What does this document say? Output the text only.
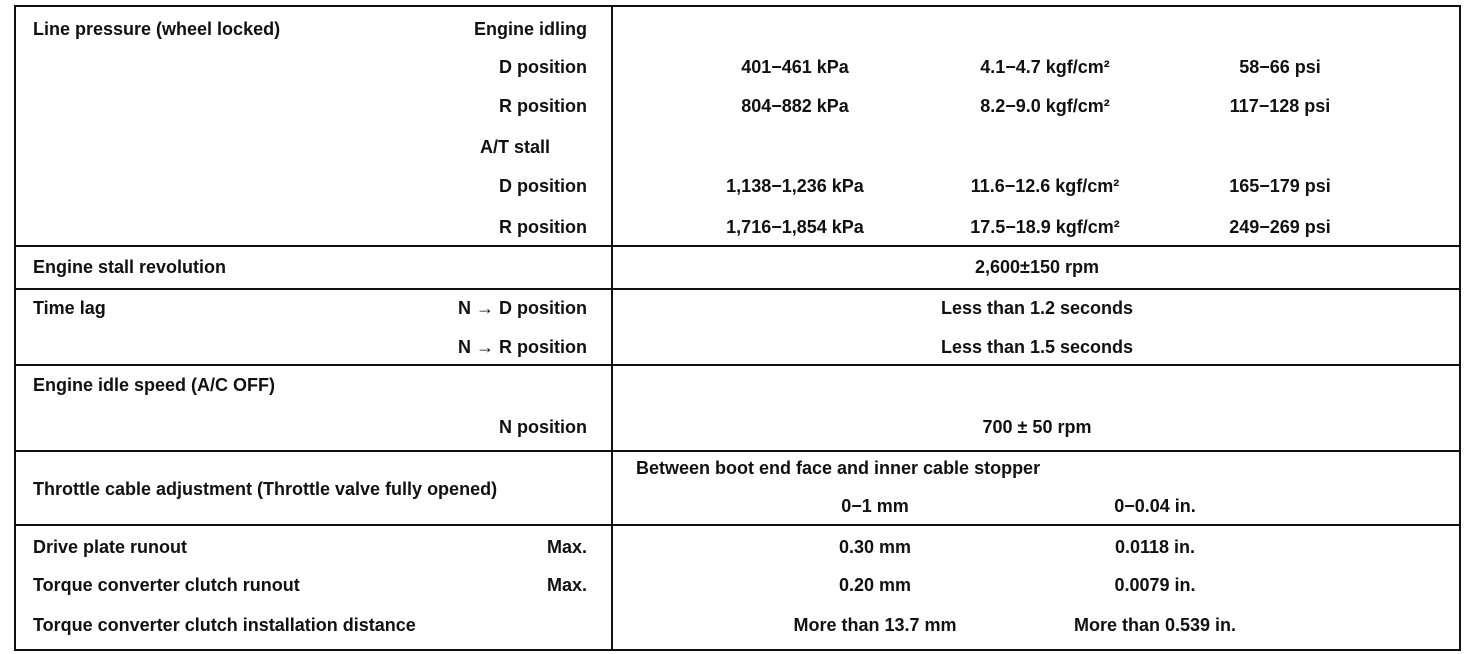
Line pressure (wheel locked)	Engine idling
D position	401−461 kPa	4.1−4.7 kgf/cm²	58−66 psi
R position	804−882 kPa	8.2−9.0 kgf/cm²	117−128 psi
A/T stall
D position	1,138−1,236 kPa	11.6−12.6 kgf/cm²	165−179 psi
R position	1,716−1,854 kPa	17.5−18.9 kgf/cm²	249−269 psi
Engine stall revolution	2,600±150 rpm
Time lag	N → D position	Less than 1.2 seconds
N → R position	Less than 1.5 seconds
Engine idle speed (A/C OFF)
N position	700 ± 50 rpm
Throttle cable adjustment (Throttle valve fully opened)
Between boot end face and inner cable stopper
0−1 mm	0−0.04 in.
Drive plate runout	Max.	0.30 mm	0.0118 in.
Torque converter clutch runout	Max.	0.20 mm	0.0079 in.
Torque converter clutch installation distance	More than 13.7 mm	More than 0.539 in.
